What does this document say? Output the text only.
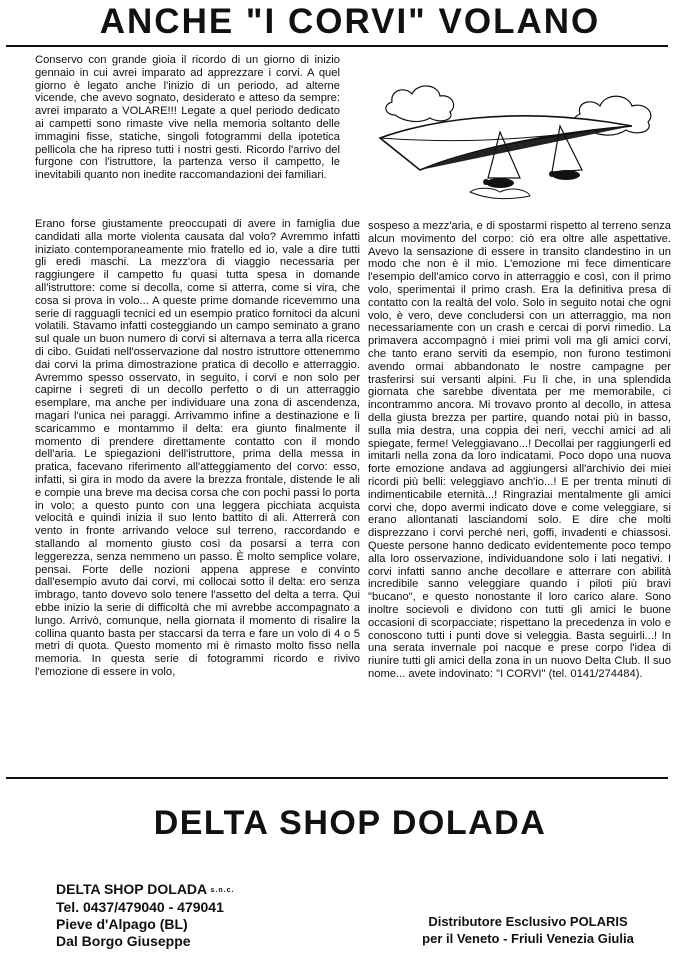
ANCHE "I CORVI" VOLANO

Conservo con grande gioia il ricordo di un giorno di inizio gennaio in cui avrei imparato ad apprezzare i corvi. A quel giorno è legato anche l'inizio di un periodo, ad alterne vicende, che avevo sognato, desiderato e atteso da sempre: avrei imparato a VOLARE!!! Legate a quel periodo dedicato ai campetti sono rimaste vive nella memoria soltanto delle immagini fisse, statiche, singoli fotogrammi della ipotetica pellicola che ha ripreso tutti i nostri gesti. Ricordo l'arrivo del furgone con l'istruttore, la partenza verso il campetto, le inevitabili quanto non inedite raccomandazioni dei familiari.

Erano forse giustamente preoccupati di avere in famiglia due candidati alla morte violenta causata dal volo? Avremmo infatti iniziato contemporaneamente mio fratello ed io, vale a dire tutti gli eredi maschi. La mezz'ora di viaggio necessaria per raggiungere il campetto fu quasi tutta spesa in domande all'istruttore: come si decolla, come si atterra, come si vira, che cosa si prova in volo... A queste prime domande ricevemmo una serie di ragguagli tecnici ed un esempio pratico fornitoci da alcuni volatili. Stavamo infatti costeggiando un campo seminato a grano sul quale un buon numero di corvi si alternava a terra alla ricerca di cibo. Guidati nell'osservazione dal nostro istruttore ottenemmo dai corvi la prima dimostrazione pratica di decollo e atterraggio. Avremmo spesso osservato, in seguito, i corvi e non solo per capirne i segreti di un decollo perfetto o di un atterraggio esemplare, ma anche per individuare una zona di ascendenza, magari l'unica nei paraggi. Arrivammo infine a destinazione e lì scaricammo e montammo il delta: era giunto finalmente il momento di prendere direttamente contatto con il mondo dell'aria. Le spiegazioni dell'istruttore, prima della messa in pratica, facevano riferimento all'atteggiamento del corvo: esso, infatti, si gira in modo da avere la brezza frontale, distende le ali e compie una breve ma decisa corsa che con pochi passi lo porta in volo; a questo punto con una leggera picchiata acquista velocità e quindi inizia il suo lento battito di ali. Atterrerà con vento in fronte arrivando veloce sul terreno, raccordando e stallando al momento giusto così da posarsi a terra con leggerezza, senza nemmeno un passo. È molto semplice volare, pensai. Forte delle nozioni appena apprese e convinto dall'esempio avuto dai corvi, mi collocai sotto il delta: ero senza imbrago, tanto dovevo solo tenere l'assetto del delta a terra. Qui ebbe inizio la serie di difficoltà che mi avrebbe accompagnato a lungo. Arrivò, comunque, nella giornata il momento di risalire la collina quanto basta per staccarsi da terra e fare un volo di 4 o 5 metri di quota. Questo momento mi è rimasto molto fisso nella memoria. In questa serie di fotogrammi ricordo e rivivo l'emozione di essere in volo,

sospeso a mezz'aria, e di spostarmi rispetto al terreno senza alcun movimento del corpo: ciò era oltre alle aspettative. Avevo la sensazione di essere in transito clandestino in un modo che non è il mio. L'emozione mi fece dimenticare l'esempio dell'amico corvo in atterraggio e così, con il primo volo, sperimentai il primo crash. Era la definitiva presa di contatto con la realtà del volo. Solo in seguito notai che ogni volo, è vero, deve concludersi con un atterraggio, ma non necessariamente con un crash e cercai di porvi rimedio. La primavera accompagnò i miei primi voli ma gli amici corvi, che tanto erano serviti da esempio, non furono testimoni avendo ormai abbandonato le nostre campagne per trasferirsi sui versanti alpini. Fu lì che, in una splendida giornata che sarebbe diventata per me memorabile, ci incontrammo ancora. Mi trovavo pronto al decollo, in attesa della giusta brezza per partire, quando notai più in basso, sulla mia destra, una coppia dei neri, vecchi amici ad ali spiegate, ferme! Veleggiavano...! Decollai per raggiungerli ed imitarli nella zona da loro indicatami. Poco dopo una nuova forte emozione andava ad aggiungersi all'archivio dei miei ricordi più belli: veleggiavo anch'io...! E per trenta minuti di indimenticabile eternità...! Ringraziai mentalmente gli amici corvi che, dopo avermi indicato dove e come veleggiare, si erano allontanati lasciandomi solo. E dire che molti disprezzano i corvi perché neri, goffi, invadenti e chiassosi. Queste persone hanno dedicato evidentemente poco tempo alla loro osservazione, individuandone solo i lati negativi. I corvi infatti sanno anche decollare e atterrare con abilità incredibile sanno veleggiare quando i piloti più bravi "bucano", e questo nonostante il loro carico alare. Sono inoltre socievoli e dividono con tutti gli amici le buone occasioni di scorpacciate; rispettano la precedenza in volo e conoscono tutti i punti dove si veleggia. Basta seguirli...! In una serata invernale poi nacque e prese corpo l'idea di riunire tutti gli amici della zona in un nuovo Delta Club. Il suo nome... avete indovinato: "I CORVI" (tel. 0141/274484).

DELTA SHOP DOLADA
DELTA SHOP DOLADA s.n.c.
Tel. 0437/479040 - 479041
Pieve d'Alpago (BL)
Dal Borgo Giuseppe
Distributore Esclusivo POLARIS
per il Veneto - Friuli Venezia Giulia
